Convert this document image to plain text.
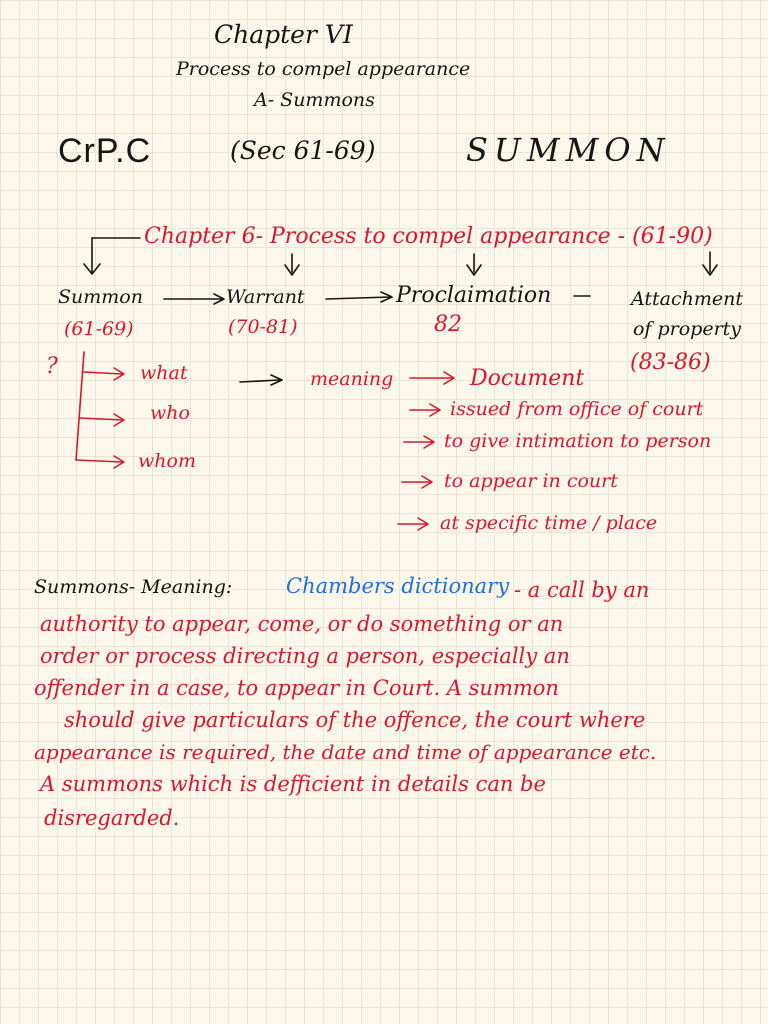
Chapter VI
Process to compel appearance
A- Summons
CrP.C	(Sec 61-69)	SUMMON
Chapter 6- Process to compel appearance - (61-90)
Summon
(61-69)
Warrant
(70-81)
Proclaimation
82
Attachment of property
(83-86)
?	what
who
whom
meaning	Document
issued from office of court
to give intimation to person
to appear in court
at specific time / place
Summons- Meaning:	Chambers dictionary - a call by an
authority to appear, come, or do something or an
order or process directing a person, especially an
offender in a case, to appear in Court. A summon
should give particulars of the offence, the court where
appearance is required, the date and time of appearance etc.
A summons which is defficient in details can be
disregarded.
